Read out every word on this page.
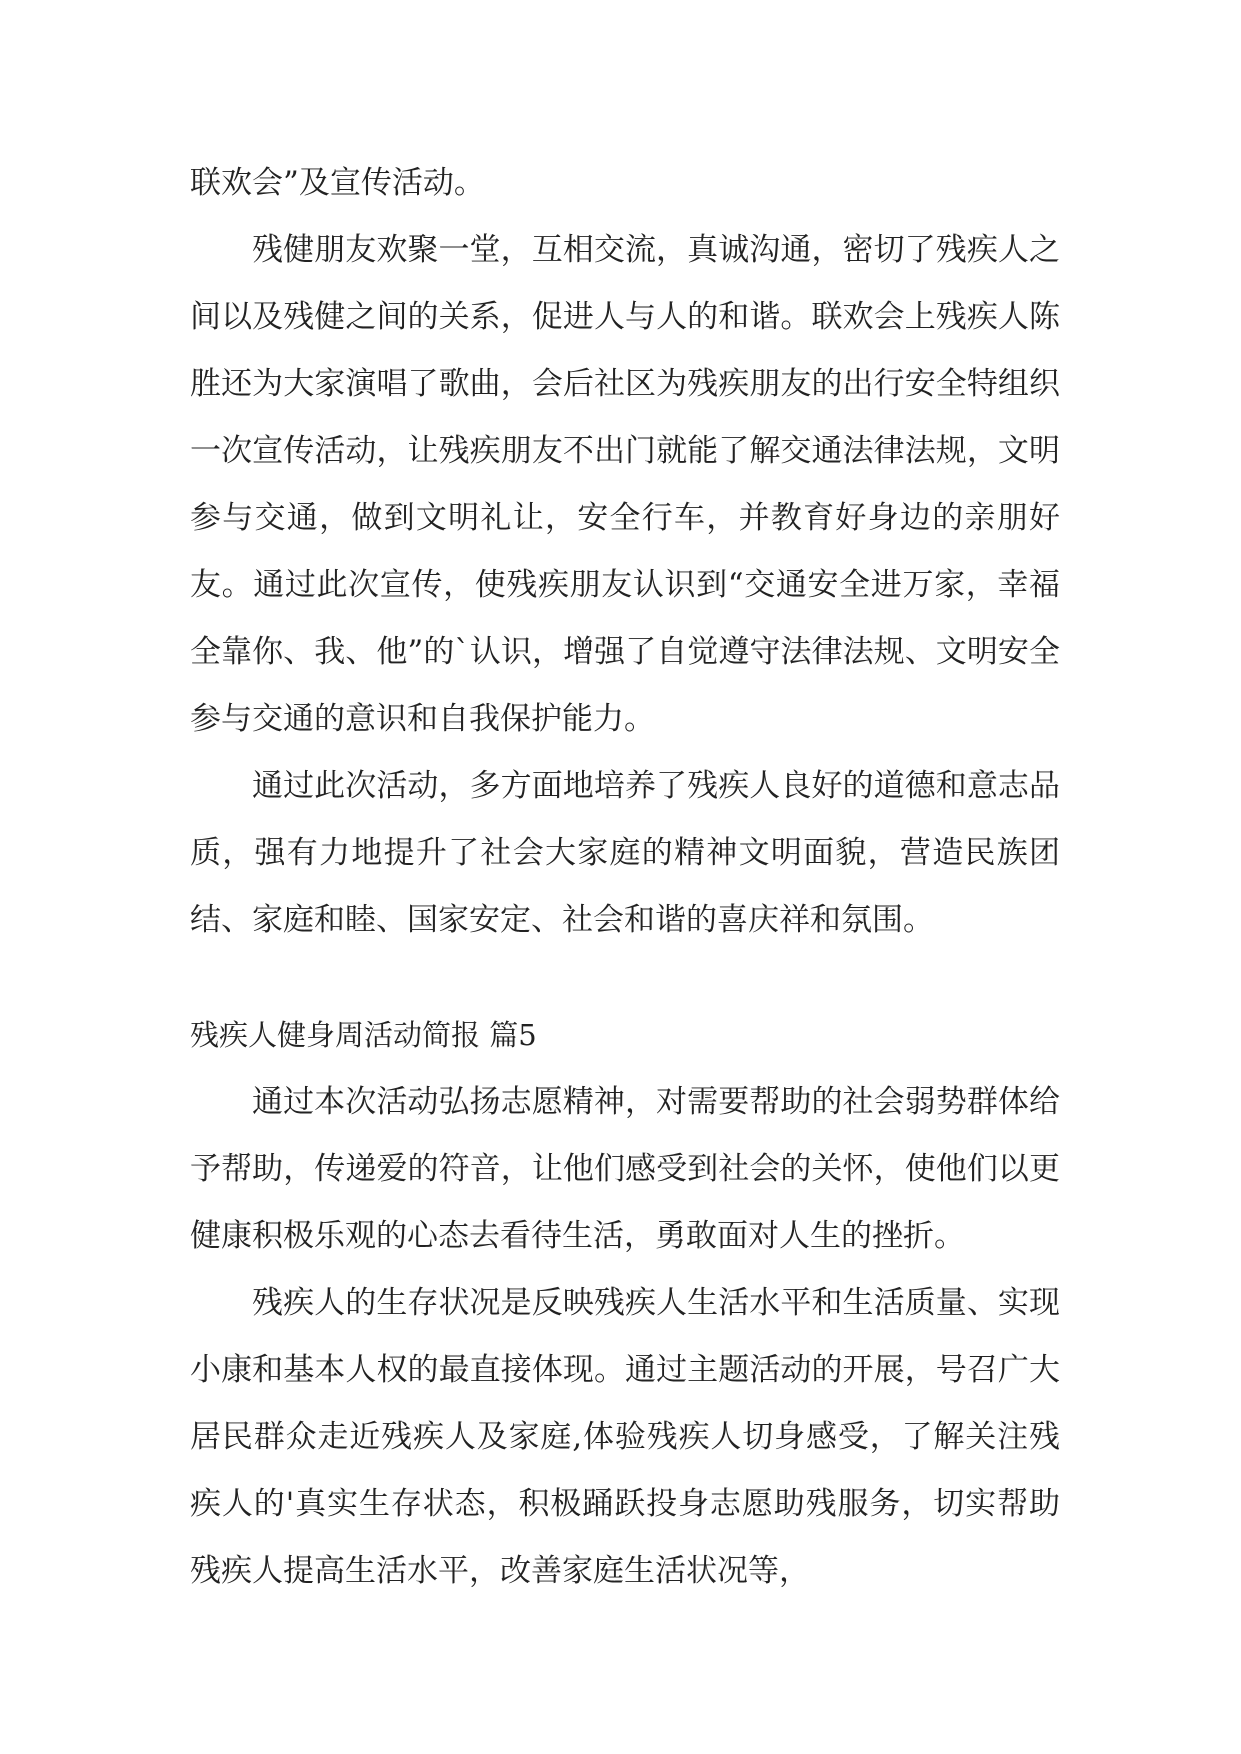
联欢会”及宣传活动。

残健朋友欢聚一堂，互相交流，真诚沟通，密切了残疾人之间以及残健之间的关系，促进人与人的和谐。联欢会上残疾人陈胜还为大家演唱了歌曲，会后社区为残疾朋友的出行安全特组织一次宣传活动，让残疾朋友不出门就能了解交通法律法规，文明参与交通，做到文明礼让，安全行车，并教育好身边的亲朋好友。通过此次宣传，使残疾朋友认识到“交通安全进万家，幸福全靠你、我、他”的`认识，增强了自觉遵守法律法规、文明安全参与交通的意识和自我保护能力。

通过此次活动，多方面地培养了残疾人良好的道德和意志品质，强有力地提升了社会大家庭的精神文明面貌，营造民族团结、家庭和睦、国家安定、社会和谐的喜庆祥和氛围。

残疾人健身周活动简报 篇5

通过本次活动弘扬志愿精神，对需要帮助的社会弱势群体给予帮助，传递爱的符音，让他们感受到社会的关怀，使他们以更健康积极乐观的心态去看待生活，勇敢面对人生的挫折。

残疾人的生存状况是反映残疾人生活水平和生活质量、实现小康和基本人权的最直接体现。通过主题活动的开展，号召广大居民群众走近残疾人及家庭,体验残疾人切身感受，了解关注残疾人的'真实生存状态，积极踊跃投身志愿助残服务，切实帮助残疾人提高生活水平，改善家庭生活状况等，
